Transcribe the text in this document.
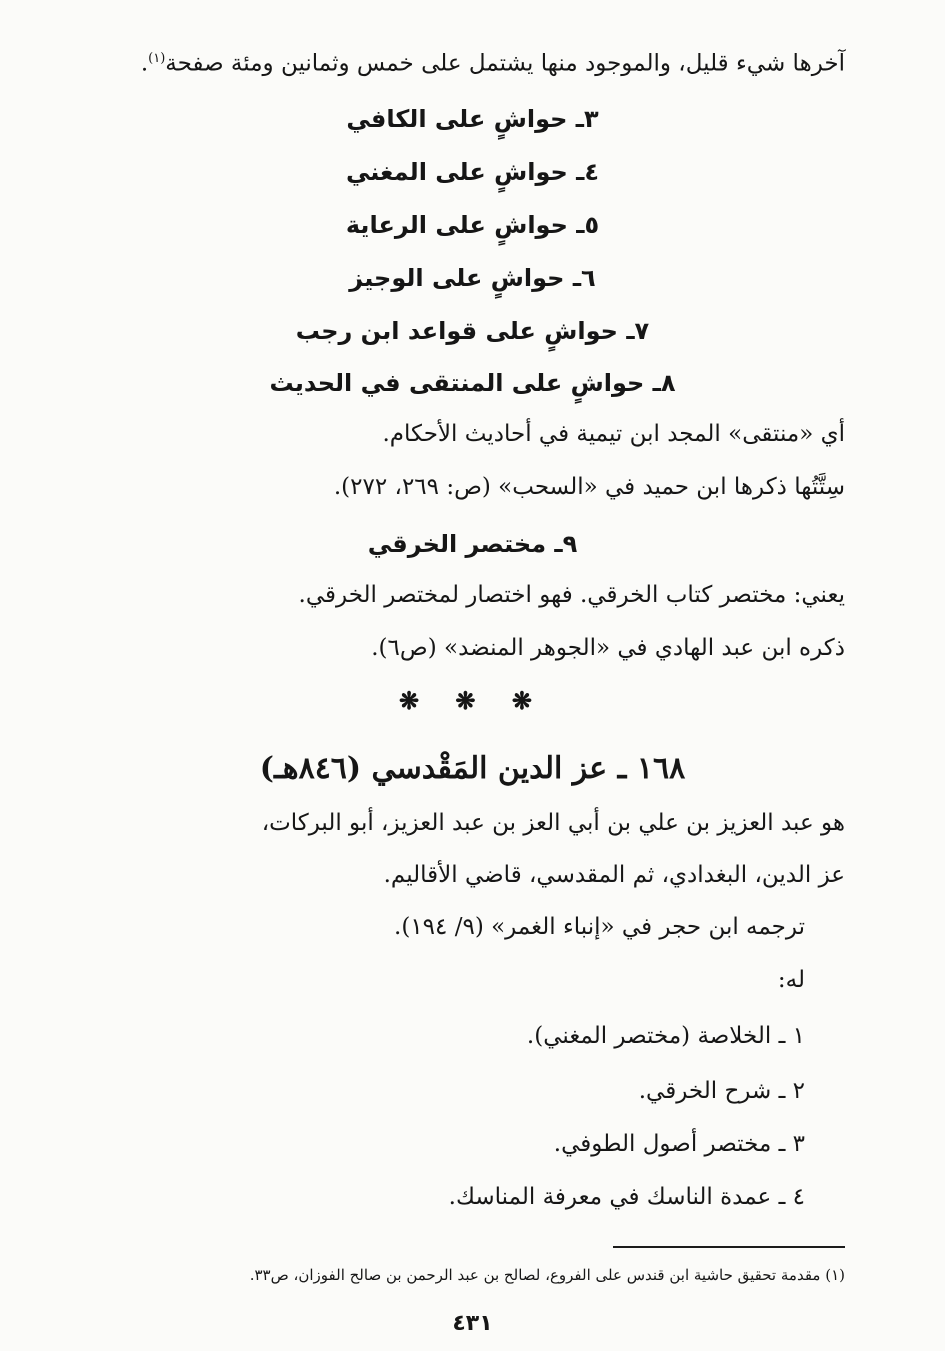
آخرها شيء قليل، والموجود منها يشتمل على خمس وثمانين ومئة صفحة$^{(١)}$.
٣ـ حواشٍ على الكافي
٤ـ حواشٍ على المغني
٥ـ حواشٍ على الرعاية
٦ـ حواشٍ على الوجيز
٧ـ حواشٍ على قواعد ابن رجب
٨ـ حواشٍ على المنتقى في الحديث
أي «منتقى» المجد ابن تيمية في أحاديث الأحكام.
سِتَّتُها ذكرها ابن حميد في «السحب» (ص: ٢٦٩، ٢٧٢).
٩ـ مختصر الخرقي
يعني: مختصر كتاب الخرقي. فهو اختصار لمختصر الخرقي.
ذكره ابن عبد الهادي في «الجوهر المنضد» (ص٦).
❋ ❋ ❋
١٦٨ ـ عز الدين المَقْدسي (٨٤٦هـ)
هو عبد العزيز بن علي بن أبي العز بن عبد العزيز، أبو البركات،
عز الدين، البغدادي، ثم المقدسي، قاضي الأقاليم.
ترجمه ابن حجر في «إنباء الغمر» (٩/ ١٩٤).
له:
١ ـ الخلاصة (مختصر المغني).
٢ ـ شرح الخرقي.
٣ ـ مختصر أصول الطوفي.
٤ ـ عمدة الناسك في معرفة المناسك.
(١) مقدمة تحقيق حاشية ابن قندس على الفروع، لصالح بن عبد الرحمن بن صالح الفوزان، ص٣٣.
٤٣١
